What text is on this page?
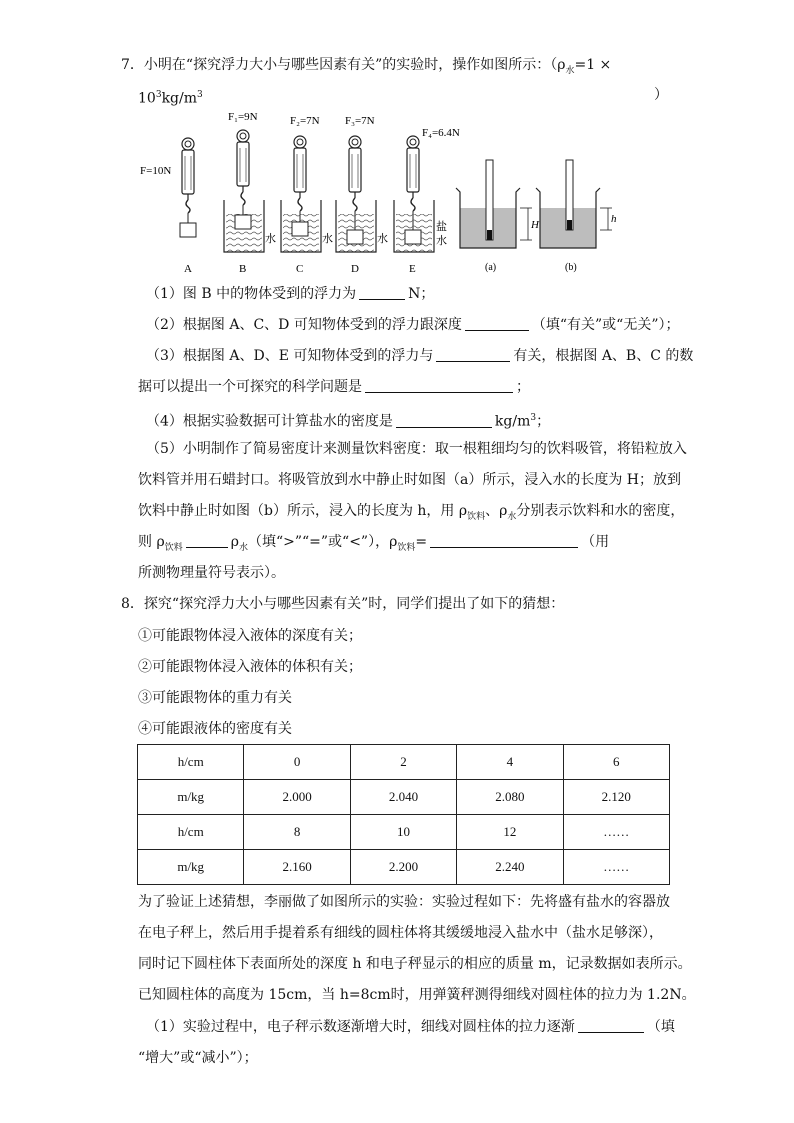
7．小明在“探究浮力大小与哪些因素有关”的实验时，操作如图所示：（$\rho_水=1$ ×
$10^3kg/m^3$	）
F=10N
A
F₁=9N
水
B
F₂=7N
水
C
F₃=7N
水
D
F₄=6.4N
盐
水
E
H
(a)
h
(b)
（1）图 B 中的物体受到的浮力为	N；
（2）根据图 A、C、D 可知物体受到的浮力跟深度	（填“有关”或“无关”）；
（3）根据图 A、D、E 可知物体受到的浮力与	有关，根据图 A、B、C 的数
据可以提出一个可探究的科学问题是	；
（4）根据实验数据可计算盐水的密度是	$kg/m^3$；
（5）小明制作了简易密度计来测量饮料密度：取一根粗细均匀的饮料吸管，将铅粒放入
饮料管并用石蜡封口。将吸管放到水中静止时如图（a）所示，浸入水的长度为 H；放到
饮料中静止时如图（b）所示，浸入的长度为 h，用 $\rho_{饮料}$、$\rho_水$分别表示饮料和水的密度，
则 $\rho_{饮料}$	$\rho_水$（填“>”“=”或“<”），$\rho_{饮料}=$	（用
所测物理量符号表示）。
8．探究“探究浮力大小与哪些因素有关”时，同学们提出了如下的猜想：
①可能跟物体浸入液体的深度有关；
②可能跟物体浸入液体的体积有关；
③可能跟物体的重力有关
④可能跟液体的密度有关
h/cm	0	2	4	6
m/kg	2.000	2.040	2.080	2.120
h/cm	8	10	12	……
m/kg	2.160	2.200	2.240	……
为了验证上述猜想，李丽做了如图所示的实验：实验过程如下：先将盛有盐水的容器放
在电子秤上，然后用手提着系有细线的圆柱体将其缓缓地浸入盐水中（盐水足够深），
同时记下圆柱体下表面所处的深度 h 和电子秤显示的相应的质量 m，记录数据如表所示。
已知圆柱体的高度为 15cm，当 h=8cm时，用弹簧秤测得细线对圆柱体的拉力为 1.2N。
（1）实验过程中，电子秤示数逐渐增大时，细线对圆柱体的拉力逐渐	（填
“增大”或“减小”）；
